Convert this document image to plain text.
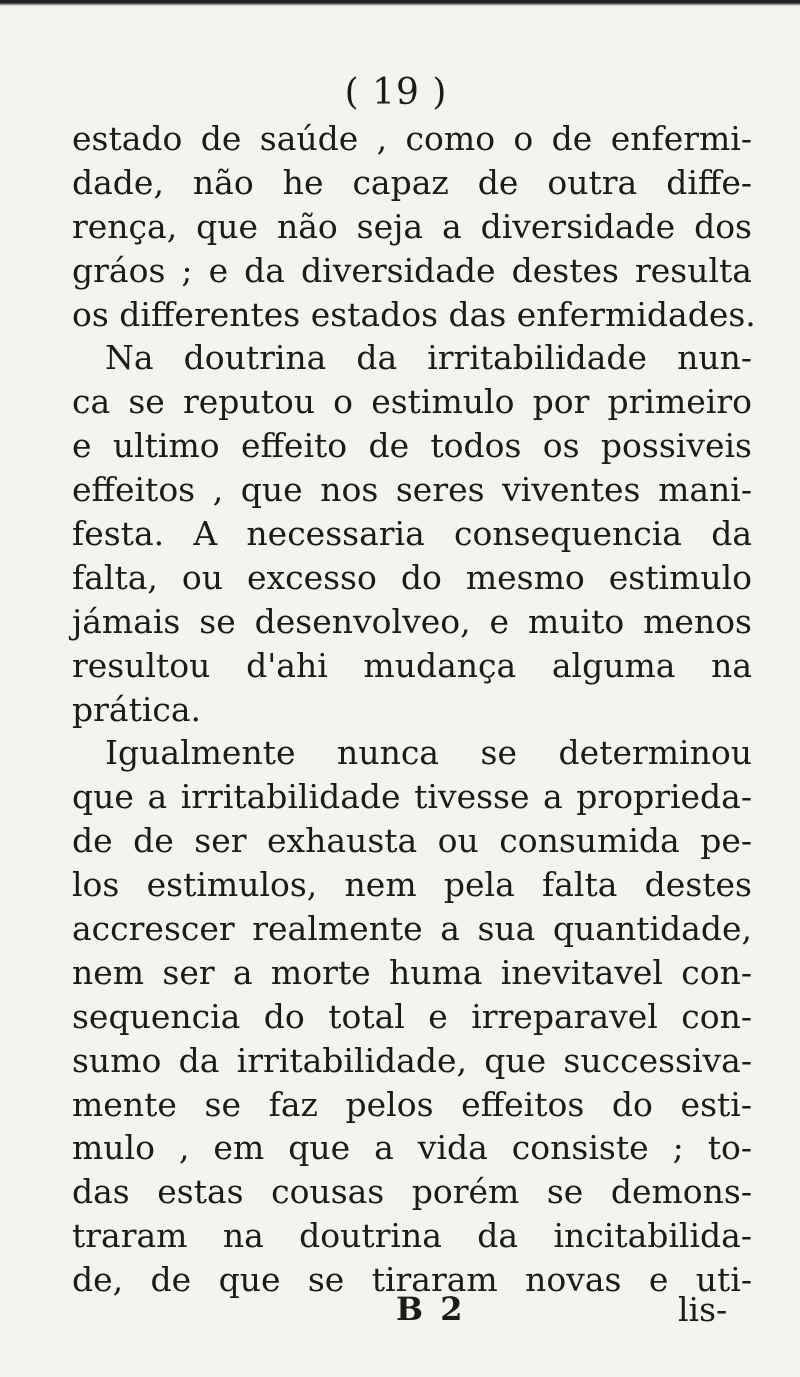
( 19 )
estado de saúde , como o de enfermi-
dade, não he capaz de outra diffe-
rença, que não seja a diversidade dos
gráos ; e da diversidade destes resulta
os differentes estados das enfermidades.
Na doutrina da irritabilidade nun-
ca se reputou o estimulo por primeiro
e ultimo effeito de todos os possiveis
effeitos , que nos seres viventes mani-
festa. A necessaria consequencia da
falta, ou excesso do mesmo estimulo
jámais se desenvolveo, e muito menos
resultou d'ahi mudança alguma na
prática.
Igualmente nunca se determinou
que a irritabilidade tivesse a proprieda-
de de ser exhausta ou consumida pe-
los estimulos, nem pela falta destes
accrescer realmente a sua quantidade,
nem ser a morte huma inevitavel con-
sequencia do total e irreparavel con-
sumo da irritabilidade, que successiva-
mente se faz pelos effeitos do esti-
mulo , em que a vida consiste ; to-
das estas cousas porém se demons-
traram na doutrina da incitabilida-
de, de que se tiraram novas e uti-
B 2	lis-
